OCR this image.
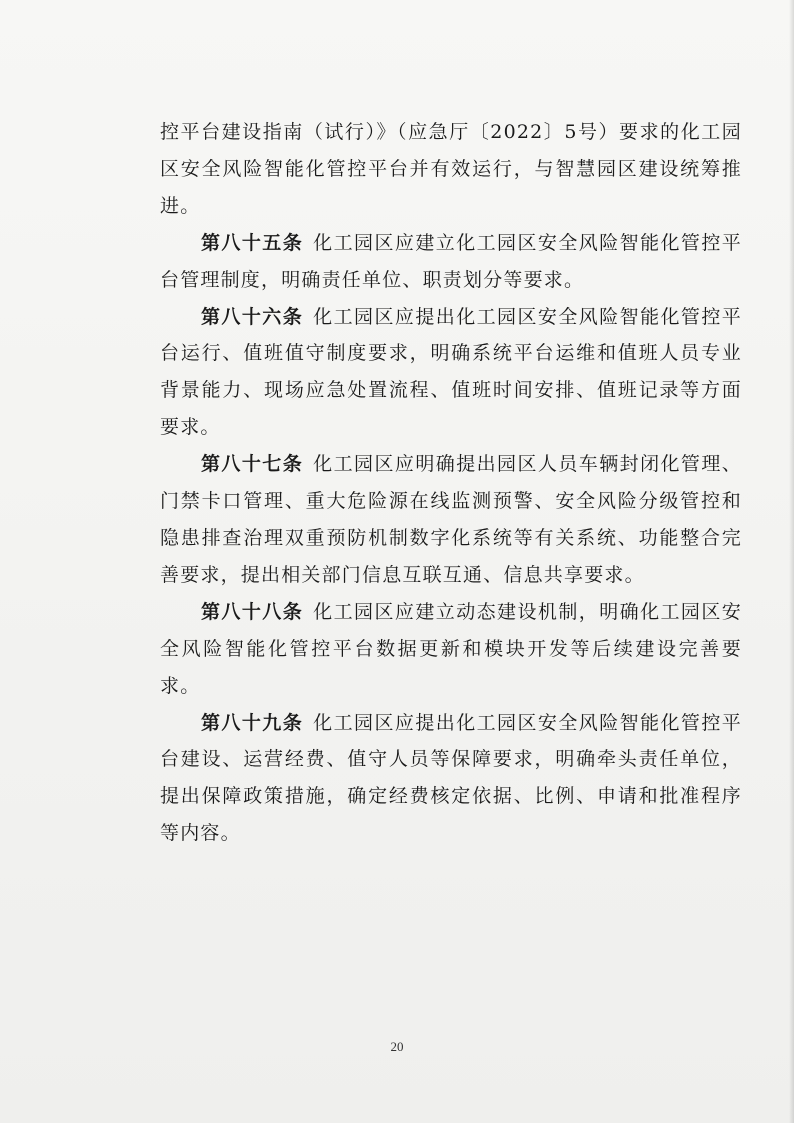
控平台建设指南（试行）》（应急厅〔2022〕5号）要求的化工园区安全风险智能化管控平台并有效运行，与智慧园区建设统筹推进。

第八十五条 化工园区应建立化工园区安全风险智能化管控平台管理制度，明确责任单位、职责划分等要求。

第八十六条 化工园区应提出化工园区安全风险智能化管控平台运行、值班值守制度要求，明确系统平台运维和值班人员专业背景能力、现场应急处置流程、值班时间安排、值班记录等方面要求。

第八十七条 化工园区应明确提出园区人员车辆封闭化管理、门禁卡口管理、重大危险源在线监测预警、安全风险分级管控和隐患排查治理双重预防机制数字化系统等有关系统、功能整合完善要求，提出相关部门信息互联互通、信息共享要求。

第八十八条 化工园区应建立动态建设机制，明确化工园区安全风险智能化管控平台数据更新和模块开发等后续建设完善要求。

第八十九条 化工园区应提出化工园区安全风险智能化管控平台建设、运营经费、值守人员等保障要求，明确牵头责任单位，提出保障政策措施，确定经费核定依据、比例、申请和批准程序等内容。

20
